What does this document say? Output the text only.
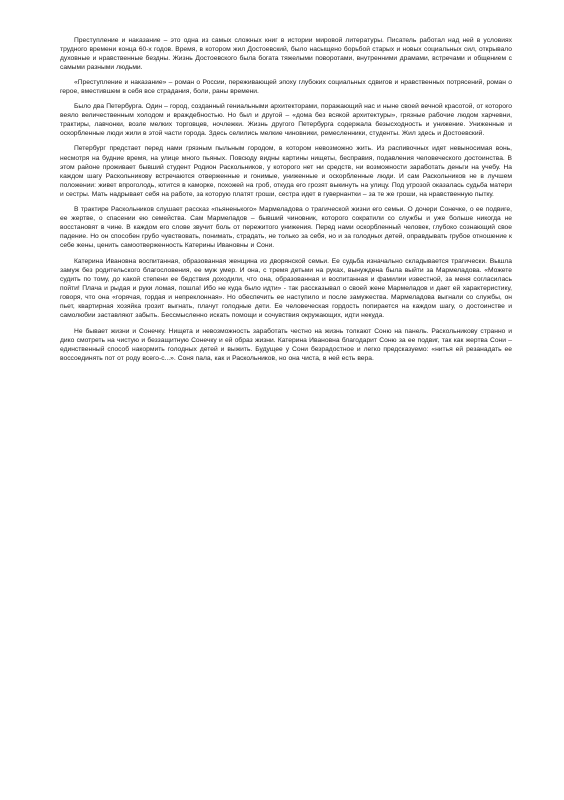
Преступление и наказание – это одна из самых сложных книг в истории мировой литературы. Писатель работал над ней в условиях трудного времени конца 60-х годов. Время, в котором жил Достоевский, было насыщено борьбой старых и новых социальных сил, открывало духовные и нравственные бездны. Жизнь Достоевского была богата тяжелыми поворотами, внутренними драмами, встречами и общением с самыми разными людьми.

«Преступление и наказание» – роман о России, переживающей эпоху глубоких социальных сдвигов и нравственных потрясений, роман о герое, вместившем в себя все страдания, боли, раны времени.

Было два Петербурга. Один – город, созданный гениальными архитекторами, поражающий нас и ныне своей вечной красотой, от которого веяло величественным холодом и враждебностью. Но был и другой – «дома без всякой архитектуры», грязные рабочие людом харчевни, трактиры, лавчонки, возле мелких торговцев, ночлежки. Жизнь другого Петербурга содержала безысходность и унижение. Униженные и оскорбленные люди жили в этой части города. Здесь селились мелкие чиновники, ремесленники, студенты. Жил здесь и Достоевский.

Петербург предстает перед нами грязным пыльным городом, в котором невозможно жить. Из распивочных идет невыносимая вонь, несмотря на будние время, на улице много пьяных. Повсюду видны картины нищеты, бесправия, подавления человеческого достоинства. В этом районе проживает бывший студент Родион Раскольников, у которого нет ни средств, ни возможности заработать деньги на учебу. На каждом шагу Раскольникову встречаются отверженные и гонимые, униженные и оскорбленные люди. И сам Раскольников не в лучшем положении: живет впроголодь, ютится в каморке, похожей на гроб, откуда его грозят выкинуть на улицу. Под угрозой оказалась судьба матери и сестры. Мать надрывает себя на работе, за которую платят гроши, сестра идет в гувернантки – за те же гроши, на нравственную пытку.

В трактире Раскольников слушает рассказ «пьяненького» Мармеладова о трагической жизни его семьи. О дочери Сонечке, о ее подвиге, ее жертве, о спасении ею семейства. Сам Мармеладов – бывший чиновник, которого сократили со службы и уже больше никогда не восстановят в чине. В каждом его слове звучит боль от пережитого унижения. Перед нами оскорбленный человек, глубоко сознающий свое падение. Но он способен грубо чувствовать, понимать, страдать, не только за себя, но и за голодных детей, оправдывать грубое отношение к себе жены, ценить самоотверженность Катерины Ивановны и Сони.

Катерина Ивановна воспитанная, образованная женщина из дворянской семьи. Ее судьба изначально складывается трагически. Вышла замуж без родительского благословения, ее муж умер. И она, с тремя детьми на руках, вынуждена была выйти за Мармеладова. «Можете судить по тому, до какой степени ее бедствия доходили, что она, образованная и воспитанная и фамилии известной, за меня согласилась пойти! Плача и рыдая и руки ломая, пошла! Ибо не куда было идти» - так рассказывал о своей жене Мармеладов и дает ей характеристику, говоря, что она «горячая, гордая и непреклонная». Но обеспечить ее наступило и после замужества. Мармеладова выгнали со службы, он пьет, квартирная хозяйка грозит выгнать, плачут голодные дети. Ее человеческая гордость попирается на каждом шагу, о достоинстве и самолюбии заставляют забыть. Бессмысленно искать помощи и сочувствия окружающих, идти некуда.

Не бывает жизни и Сонечку. Нищета и невозможность заработать честно на жизнь толкают Соню на панель. Раскольникову странно и дико смотреть на чистую и беззащитную Сонечку и ей образ жизни. Катерина Ивановна благодарит Соню за ее подвиг, так как жертва Сони – единственный способ накормить голодных детей и выжить. Будущее у Сони безрадостное и легко предсказуемо: «нитья ей резанадать ее воссоединять пот от роду всего-с...». Соня пала, как и Раскольников, но она чиста, в ней есть вера.
